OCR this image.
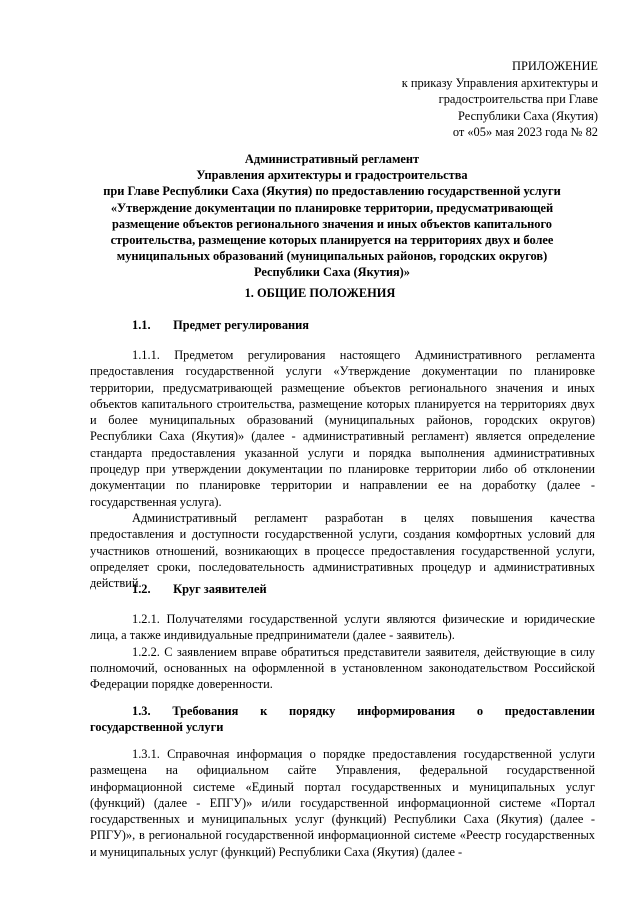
ПРИЛОЖЕНИЕ
к приказу Управления архитектуры и
градостроительства при Главе
Республики Саха (Якутия)
от «05» мая 2023 года № 82
Административный регламент
Управления архитектуры и градостроительства
при Главе Республики Саха (Якутия) по предоставлению государственной услуги
«Утверждение документации по планировке территории, предусматривающей
размещение объектов регионального значения и иных объектов капитального
строительства, размещение которых планируется на территориях двух и более
муниципальных образований (муниципальных районов, городских округов)
Республики Саха (Якутия)»
1. ОБЩИЕ ПОЛОЖЕНИЯ
1.1. Предмет регулирования

1.1.1. Предметом регулирования настоящего Административного регламента предоставления государственной услуги «Утверждение документации по планировке территории, предусматривающей размещение объектов регионального значения и иных объектов капитального строительства, размещение которых планируется на территориях двух и более муниципальных образований (муниципальных районов, городских округов) Республики Саха (Якутия)» (далее - административный регламент) является определение стандарта предоставления указанной услуги и порядка выполнения административных процедур при утверждении документации по планировке территории либо об отклонении документации по планировке территории и направлении ее на доработку (далее - государственная услуга).

Административный регламент разработан в целях повышения качества предоставления и доступности государственной услуги, создания комфортных условий для участников отношений, возникающих в процессе предоставления государственной услуги, определяет сроки, последовательность административных процедур и административных действий.

1.2. Круг заявителей

1.2.1. Получателями государственной услуги являются физические и юридические лица, а также индивидуальные предприниматели (далее - заявитель).

1.2.2. С заявлением вправе обратиться представители заявителя, действующие в силу полномочий, основанных на оформленной в установленном законодательством Российской Федерации порядке доверенности.

1.3. Требования к порядку информирования о предоставлении
государственной услуги

1.3.1. Справочная информация о порядке предоставления государственной услуги размещена на официальном сайте Управления, федеральной государственной информационной системе «Единый портал государственных и муниципальных услуг (функций) (далее - ЕПГУ)» и/или государственной информационной системе «Портал государственных и муниципальных услуг (функций) Республики Саха (Якутия) (далее - РПГУ)», в региональной государственной информационной системе «Реестр государственных и муниципальных услуг (функций) Республики Саха (Якутия) (далее -
